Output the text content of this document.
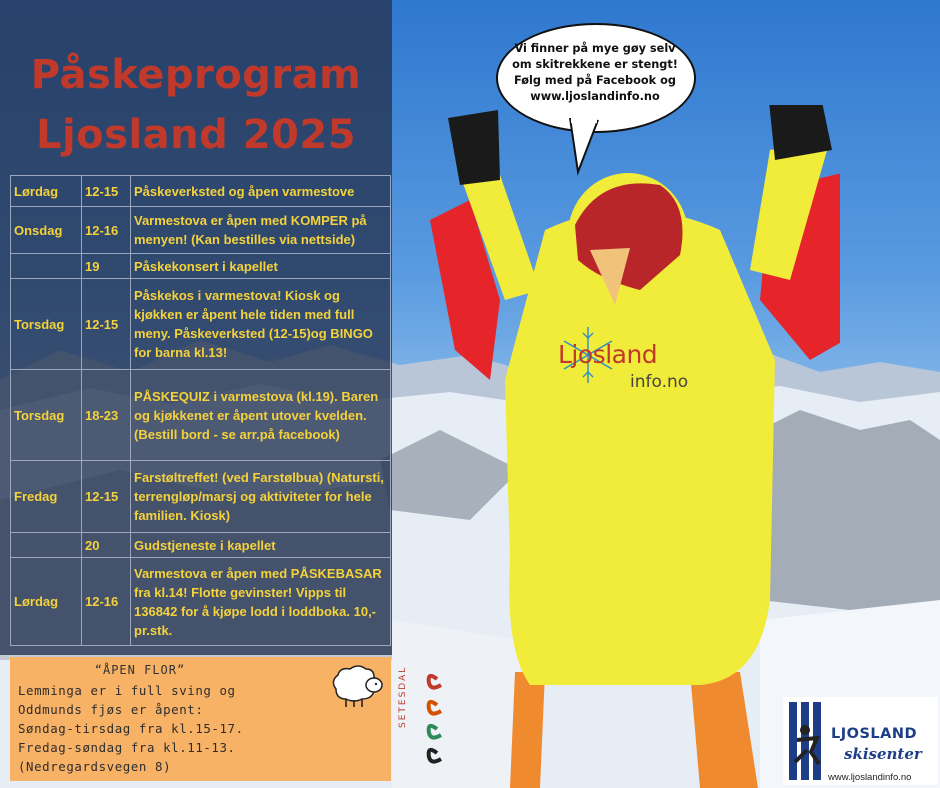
Påskeprogram
Ljosland 2025
Lørdag	12-15	Påskeverksted og åpen varmestove
Onsdag	12-16	Varmestova er åpen med KOMPER på menyen! (Kan bestilles via nettside)
	19	Påskekonsert i kapellet
Torsdag	12-15	Påskekos i varmestova! Kiosk og kjøkken er åpent hele tiden med full meny. Påskeverksted (12-15)og BINGO for barna kl.13!
Torsdag	18-23	PÅSKEQUIZ i varmestova (kl.19). Baren og kjøkkenet er åpent utover kvelden. (Bestill bord - se arr.på facebook)
Fredag	12-15	Farstøltreffet! (ved Farstølbua) (Natursti, terrengløp/marsj og aktiviteter for hele familien. Kiosk)
	20	Gudstjeneste i kapellet
Lørdag	12-16	Varmestova er åpen med PÅSKEBASAR fra kl.14! Flotte gevinster! Vipps til 136842 for å kjøpe lodd i loddboka. 10,- pr.stk.
“ÅPEN FLOR”
Lemminga er i full sving og
Oddmunds fjøs er åpent:
Søndag-tirsdag fra kl.15-17.
Fredag-søndag fra kl.11-13.
(Nedregardsvegen 8)
SETESDAL
Vi finner på mye gøy selv
om skitrekkene er stengt!
Følg med på Facebook og
www.ljoslandinfo.no
Ljosland
info.no
LJOSLAND
skisenter
www.ljoslandinfo.no
